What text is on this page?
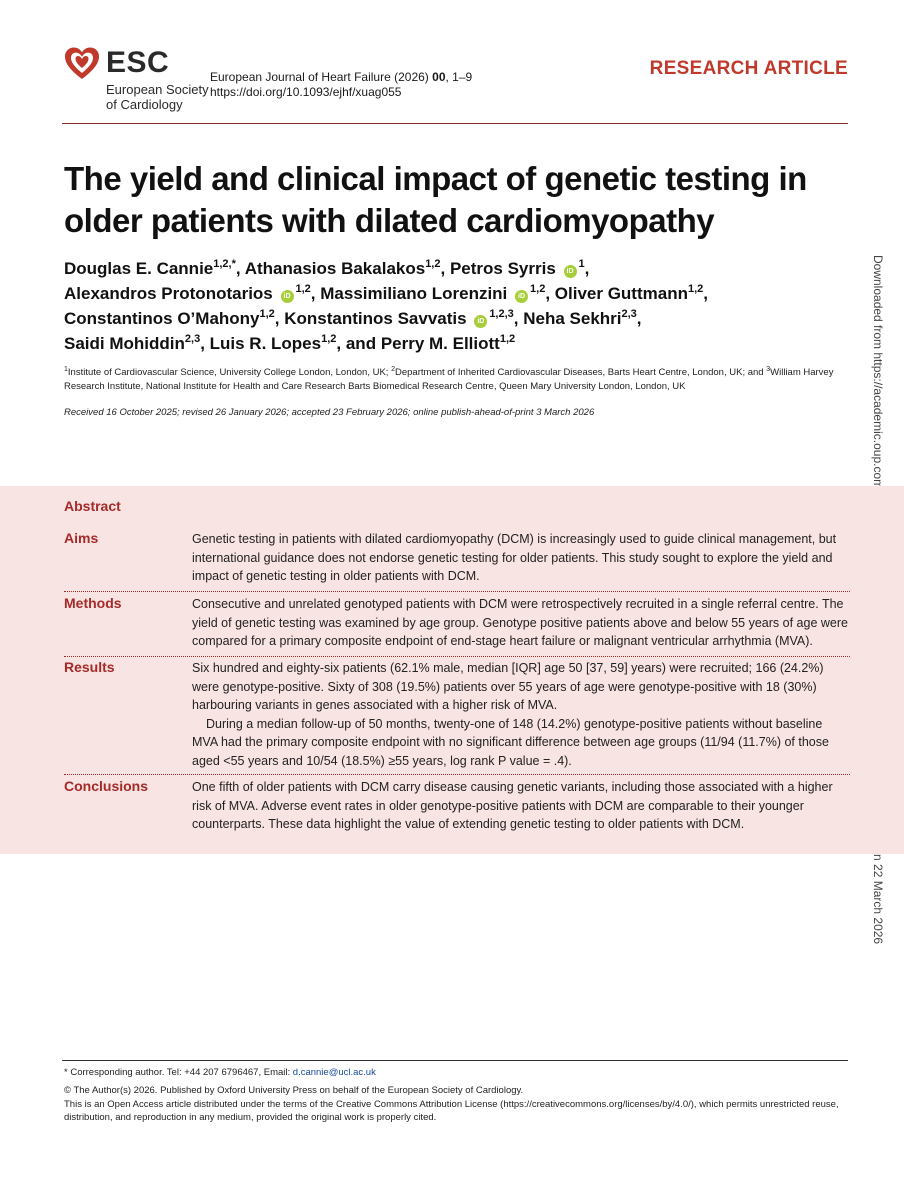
ESC
European Society
of Cardiology
European Journal of Heart Failure (2026) 00, 1–9
https://doi.org/10.1093/ejhf/xuag055
RESEARCH ARTICLE
The yield and clinical impact of genetic testing in older patients with dilated cardiomyopathy
Douglas E. Cannie$^{1,2,*}$, Athanasios Bakalakos$^{1,2}$, Petros Syrris $iD^1$,
Alexandros Protonotarios iD$^{1,2}$, Massimiliano Lorenzini iD$^{1,2}$, Oliver Guttmann$^{1,2}$,
Constantinos O’Mahony$^{1,2}$, Konstantinos Savvatis iD$^{1,2,3}$, Neha Sekhri$^{2,3}$,
Saidi Mohiddin$^{2,3}$, Luis R. Lopes$^{1,2}$, and Perry M. Elliott$^{1,2}$
$^1$Institute of Cardiovascular Science, University College London, London, UK; $^2$Department of Inherited Cardiovascular Diseases, Barts Heart Centre, London, UK; and $^3$William Harvey Research Institute, National Institute for Health and Care Research Barts Biomedical Research Centre, Queen Mary University London, London, UK
Received 16 October 2025; revised 26 January 2026; accepted 23 February 2026; online publish-ahead-of-print 3 March 2026
Abstract
Aims	Genetic testing in patients with dilated cardiomyopathy (DCM) is increasingly used to guide clinical management, but international guidance does not endorse genetic testing for older patients. This study sought to explore the yield and impact of genetic testing in older patients with DCM.

Methods	Consecutive and unrelated genotyped patients with DCM were retrospectively recruited in a single referral centre. The yield of genetic testing was examined by age group. Genotype positive patients above and below 55 years of age were compared for a primary composite endpoint of end-stage heart failure or malignant ventricular arrhythmia (MVA).

Results	Six hundred and eighty-six patients (62.1% male, median [IQR] age 50 [37, 59] years) were recruited; 166 (24.2%) were genotype-positive. Sixty of 308 (19.5%) patients over 55 years of age were genotype-positive with 18 (30%) harbouring variants in genes associated with a higher risk of MVA.

During a median follow-up of 50 months, twenty-one of 148 (14.2%) genotype-positive patients without baseline MVA had the primary composite endpoint with no significant difference between age groups (11/94 (11.7%) of those aged <55 years and 10/54 (18.5%) ≥55 years, log rank P value = .4).

Conclusions	One fifth of older patients with DCM carry disease causing genetic variants, including those associated with a higher risk of MVA. Adverse event rates in older genotype-positive patients with DCM are comparable to their younger counterparts. These data highlight the value of extending genetic testing to older patients with DCM.

* Corresponding author. Tel: +44 207 6796467, Email: d.cannie@ucl.ac.uk
© The Author(s) 2026. Published by Oxford University Press on behalf of the European Society of Cardiology.
This is an Open Access article distributed under the terms of the Creative Commons Attribution License (https://creativecommons.org/licenses/by/4.0/), which permits unrestricted reuse, distribution, and reproduction in any medium, provided the original work is properly cited.
